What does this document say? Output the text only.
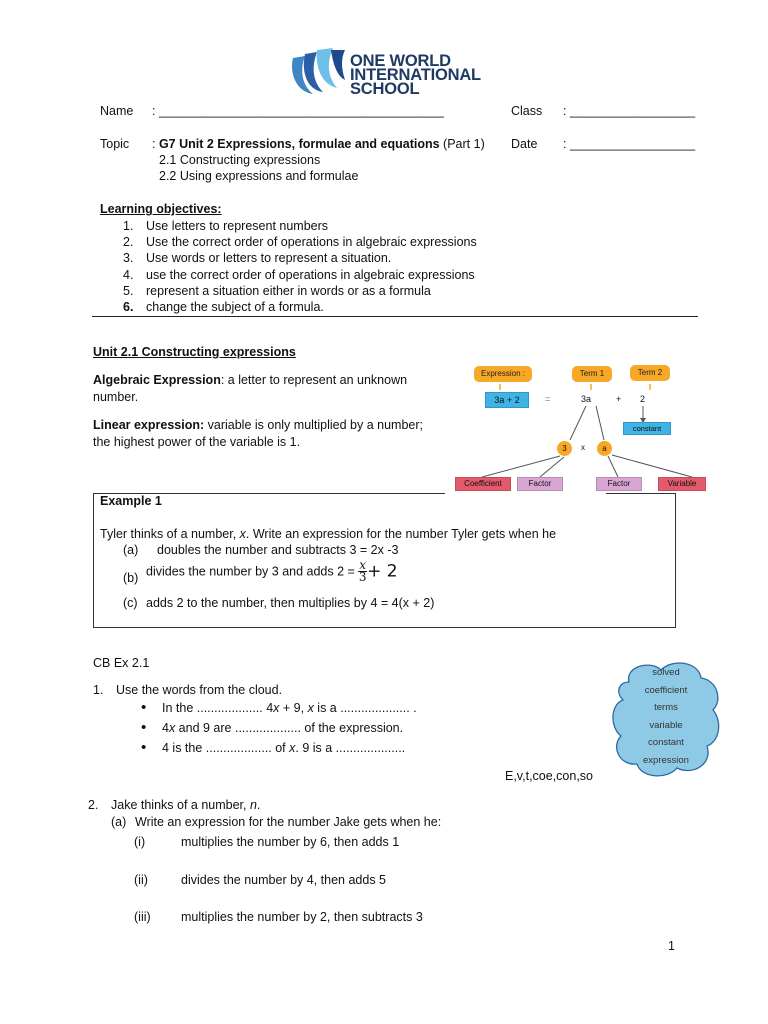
ONE WORLD
INTERNATIONAL
SCHOOL
Name : _________________________________________	Class : __________________
Topic : G7 Unit 2 Expressions, formulae and equations (Part 1) Date : __________________
2.1 Constructing expressions
2.2 Using expressions and formulae
Learning objectives:
1. Use letters to represent numbers
2. Use the correct order of operations in algebraic expressions
3. Use words or letters to represent a situation.
4. use the correct order of operations in algebraic expressions
5. represent a situation either in words or as a formula
6. change the subject of a formula.
Unit 2.1 Constructing expressions
Algebraic Expression: a letter to represent an unknown
number.
Linear expression: variable is only multiplied by a number;
the highest power of the variable is 1.
Expression :	Term 1	Term 2
3a + 2	=	3a	+ 2
constant
3	x	a
Coefficient	Factor	Factor	Variable
Example 1
Tyler thinks of a number, x. Write an expression for the number Tyler gets when he
(a) doubles the number and subtracts 3 = 2x -3
(b) divides the number by 3 and adds $2 = \frac{x}{3} + 2$
(c) adds 2 to the number, then multiplies by 4 = 4(x + 2)
CB Ex 2.1
1. Use the words from the cloud.
• In the ................... 4x + 9, x is a .................... .
• 4x and 9 are ................... of the expression.
• 4 is the ................... of x. 9 is a ....................
solved
coefficient
terms
variable
constant
expression
E,v,t,coe,con,so
2. Jake thinks of a number, n.
(a) Write an expression for the number Jake gets when he:
(i)	multiplies the number by 6, then adds 1
(ii)	divides the number by 4, then adds 5
(iii) multiplies the number by 2, then subtracts 3
1
